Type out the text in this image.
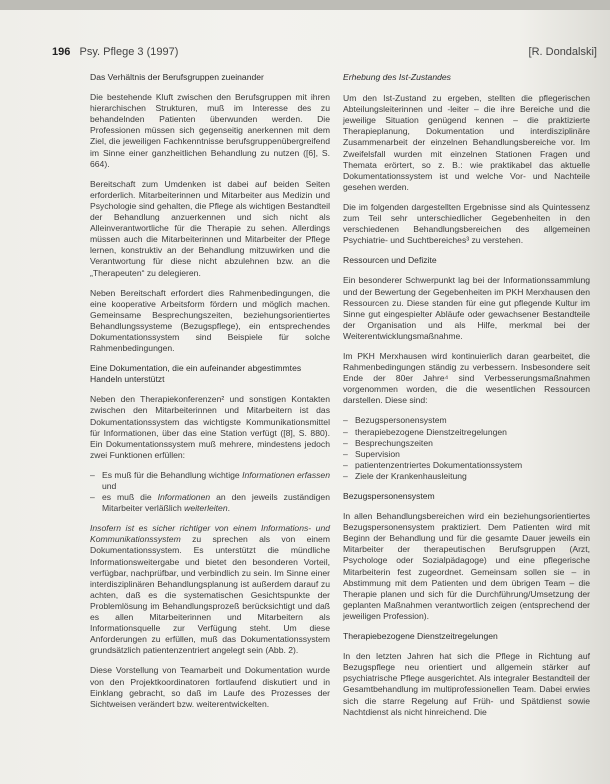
196 Psy. Pflege 3 (1997)	[R. Dondalski]
Das Verhältnis der Berufsgruppen zueinander

Die bestehende Kluft zwischen den Berufsgruppen mit ihren hierarchischen Strukturen, muß im Interesse des zu behandelnden Patienten überwunden werden. Die Professionen müssen sich gegenseitig anerkennen mit dem Ziel, die jeweiligen Fachkenntnisse berufsgruppenübergreifend im Sinne einer ganzheitlichen Behandlung zu nutzen ([6], S. 664).

Bereitschaft zum Umdenken ist dabei auf beiden Seiten erforderlich. Mitarbeiterinnen und Mitarbeiter aus Medizin und Psychologie sind gehalten, die Pflege als wichtigen Bestandteil der Behandlung anzuerkennen und sich nicht als Alleinverantwortliche für die Therapie zu sehen. Allerdings müssen auch die Mitarbeiterinnen und Mitarbeiter der Pflege lernen, konstruktiv an der Behandlung mitzuwirken und die Verantwortung für diese nicht abzulehnen bzw. an die „Therapeuten“ zu delegieren.

Neben Bereitschaft erfordert dies Rahmenbedingungen, die eine kooperative Arbeitsform fördern und möglich machen. Gemeinsame Besprechungszeiten, beziehungsorientiertes Behandlungssysteme (Bezugspflege), ein entsprechendes Dokumentationssystem sind Beispiele für solche Rahmenbedingungen.

Eine Dokumentation, die ein aufeinander abgestimmtes
Handeln unterstützt

Neben den Therapiekonferenzen² und sonstigen Kontakten zwischen den Mitarbeiterinnen und Mitarbeitern ist das Dokumentationssystem das wichtigste Kommunikationsmittel für Informationen, über das eine Station verfügt ([8], S. 880). Ein Dokumentationssystem muß mehrere, mindestens jedoch zwei Funktionen erfüllen:

– Es muß für die Behandlung wichtige Informationen erfassen und
– es muß die Informationen an den jeweils zuständigen Mitarbeiter verläßlich weiterleiten.

Insofern ist es sicher richtiger von einem Informations- und Kommunikationssystem zu sprechen als von einem Dokumentationssystem. Es unterstützt die mündliche Informationsweitergabe und bietet den besonderen Vorteil, verfügbar, nachprüfbar, und verbindlich zu sein. Im Sinne einer interdisziplinären Behandlungsplanung ist außerdem darauf zu achten, daß es die systematischen Gesichtspunkte der Problemlösung im Behandlungsprozeß berücksichtigt und daß es allen Mitarbeiterinnen und Mitarbeitern als Informationsquelle zur Verfügung steht. Um diese Anforderungen zu erfüllen, muß das Dokumentationssystem grundsätzlich patientenzentriert angelegt sein (Abb. 2).

Diese Vorstellung von Teamarbeit und Dokumentation wurde von den Projektkoordinatoren fortlaufend diskutiert und in Einklang gebracht, so daß im Laufe des Prozesses der Sichtweisen verändert bzw. weiterentwickelten.

Erhebung des Ist-Zustandes

Um den Ist-Zustand zu ergeben, stellten die pflegerischen Abteilungsleiterinnen und -leiter – die ihre Bereiche und die jeweilige Situation genügend kennen – die praktizierte Therapieplanung, Dokumentation und interdisziplinäre Zusammenarbeit der einzelnen Behandlungsbereiche vor. Im Zweifelsfall wurden mit einzelnen Stationen Fragen und Themata erörtert, so z. B.: wie praktikabel das aktuelle Dokumentationssystem ist und welche Vor- und Nachteile gesehen werden.

Die im folgenden dargestellten Ergebnisse sind als Quintessenz zum Teil sehr unterschiedlicher Gegebenheiten in den verschiedenen Behandlungsbereichen des allgemeinen Psychiatrie- und Suchtbereiches³ zu verstehen.

Ressourcen und Defizite

Ein besonderer Schwerpunkt lag bei der Informationssammlung und der Bewertung der Gegebenheiten im PKH Merxhausen den Ressourcen zu. Diese standen für eine gut pflegende Kultur im Sinne gut eingespielter Abläufe oder gewachsener Bestandteile der Organisation und als Hilfe, merkmal bei der Weiterentwicklungsmaßnahme.

Im PKH Merxhausen wird kontinuierlich daran gearbeitet, die Rahmenbedingungen ständig zu verbessern. Insbesondere seit Ende der 80er Jahre⁴ sind Verbesserungsmaßnahmen vorgenommen worden, die die wesentlichen Ressourcen darstellen. Diese sind:

– Bezugspersonensystem
– therapiebezogene Dienstzeitregelungen
– Besprechungszeiten
– Supervision
– patientenzentriertes Dokumentationssystem
– Ziele der Krankenhausleitung
Bezugspersonensystem

In allen Behandlungsbereichen wird ein beziehungsorientiertes Bezugspersonensystem praktiziert. Dem Patienten wird mit Beginn der Behandlung und für die gesamte Dauer jeweils ein Mitarbeiter der therapeutischen Berufsgruppen (Arzt, Psychologe oder Sozialpädagoge) und eine pflegerische Mitarbeiterin fest zugeordnet. Gemeinsam sollen sie – in Abstimmung mit dem Patienten und dem übrigen Team – die Therapie planen und sich für die Durchführung/Umsetzung der geplanten Maßnahmen verantwortlich zeigen (entsprechend der jeweiligen Profession).

Therapiebezogene Dienstzeitregelungen

In den letzten Jahren hat sich die Pflege in Richtung auf Bezugspflege neu orientiert und allgemein stärker auf psychiatrische Pflege ausgerichtet. Als integraler Bestandteil der Gesamtbehandlung im multiprofessionellen Team. Dabei erwies sich die starre Regelung auf Früh- und Spätdienst sowie Nachtdienst als nicht hinreichend. Die
